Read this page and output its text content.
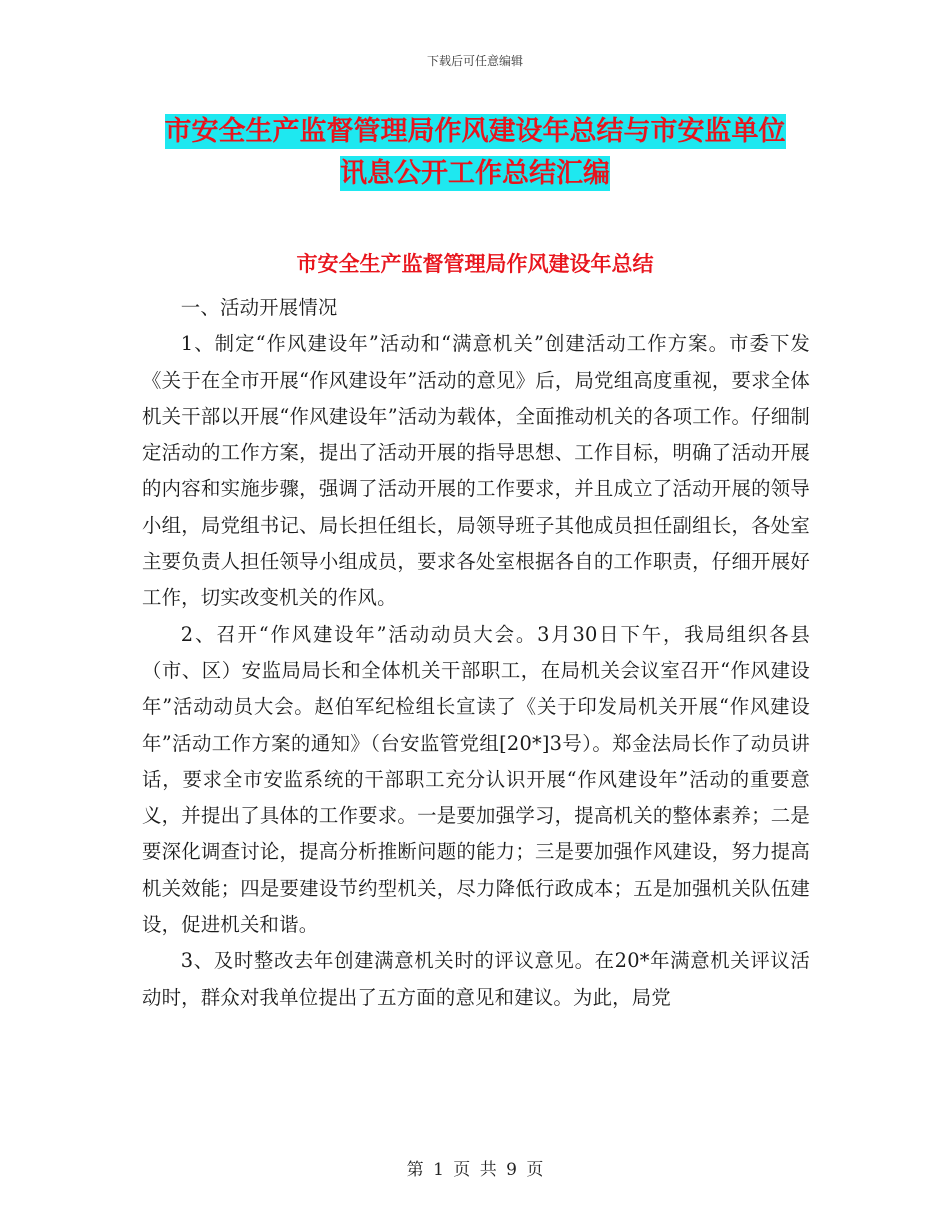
下载后可任意编辑
市安全生产监督管理局作风建设年总结与市安监单位
讯息公开工作总结汇编
市安全生产监督管理局作风建设年总结

一、活动开展情况

1、制定“作风建设年”活动和“满意机关”创建活动工作方案。市委下发《关于在全市开展“作风建设年”活动的意见》后，局党组高度重视，要求全体机关干部以开展“作风建设年”活动为载体，全面推动机关的各项工作。仔细制定活动的工作方案，提出了活动开展的指导思想、工作目标，明确了活动开展的内容和实施步骤，强调了活动开展的工作要求，并且成立了活动开展的领导小组，局党组书记、局长担任组长，局领导班子其他成员担任副组长，各处室主要负责人担任领导小组成员，要求各处室根据各自的工作职责，仔细开展好工作，切实改变机关的作风。

2、召开“作风建设年”活动动员大会。3月30日下午，我局组织各县（市、区）安监局局长和全体机关干部职工，在局机关会议室召开“作风建设年”活动动员大会。赵伯军纪检组长宣读了《关于印发局机关开展“作风建设年”活动工作方案的通知》（台安监管党组[20*]3号）。郑金法局长作了动员讲话，要求全市安监系统的干部职工充分认识开展“作风建设年”活动的重要意义，并提出了具体的工作要求。一是要加强学习，提高机关的整体素养；二是要深化调查讨论，提高分析推断问题的能力；三是要加强作风建设，努力提高机关效能；四是要建设节约型机关，尽力降低行政成本；五是加强机关队伍建设，促进机关和谐。

3、及时整改去年创建满意机关时的评议意见。在20*年满意机关评议活动时，群众对我单位提出了五方面的意见和建议。为此，局党

第 1 页 共 9 页
